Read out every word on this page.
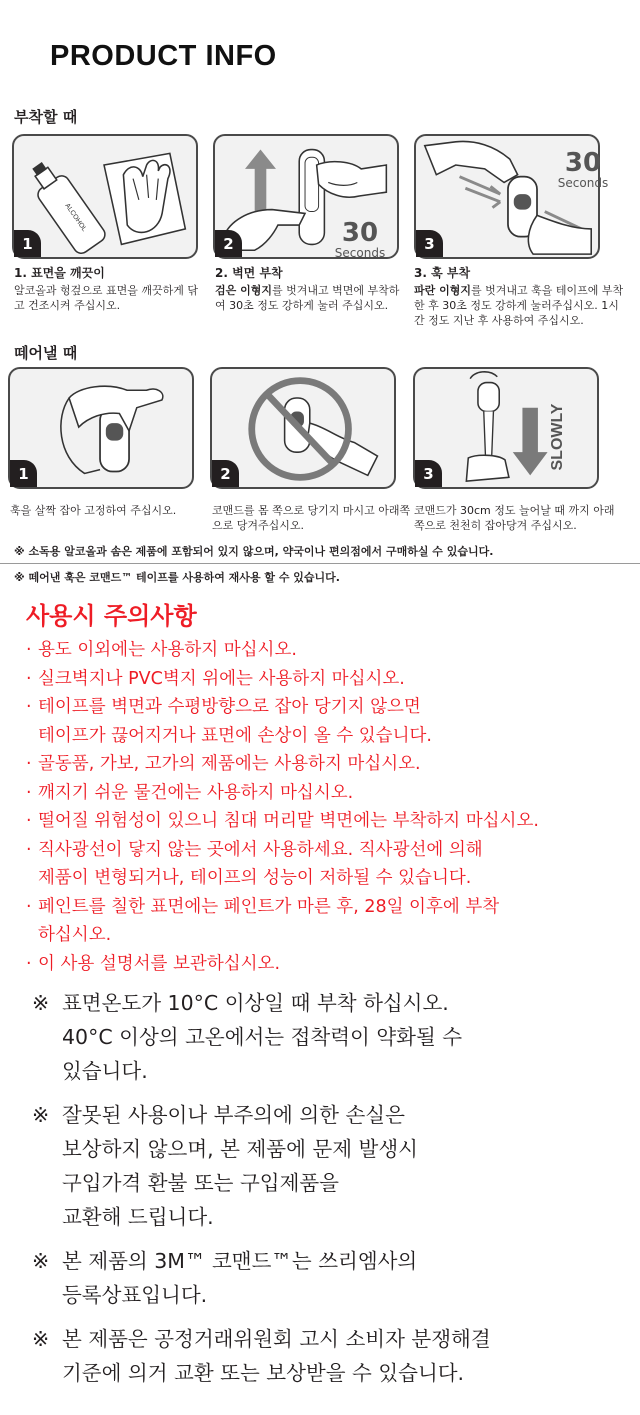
PRODUCT INFO
부착할 때
ALCOHOL
1
1. 표면을 깨끗이
알코올과 헝겊으로 표면을 깨끗하게 닦고 건조시켜 주십시오.
30
Seconds
2
2. 벽면 부착
검은 이형지를 벗겨내고 벽면에 부착하여 30초 정도 강하게 눌러 주십시오.
30
Seconds
3
3. 훅 부착
파란 이형지를 벗겨내고 훅을 테이프에 부착한 후 30초 정도 강하게 눌러주십시오. 1시간 정도 지난 후 사용하여 주십시오.
떼어낼 때
1
훅을 살짝 잡아 고정하여 주십시오.
2
코맨드를 몸 쪽으로 당기지 마시고 아래쪽으로 당겨주십시오.
SLOWLY
3
코맨드가 30cm 정도 늘어날 때 까지 아래쪽으로 천천히 잡아당겨 주십시오.
※ 소독용 알코올과 솜은 제품에 포함되어 있지 않으며, 약국이나 편의점에서 구매하실 수 있습니다.
※ 떼어낸 훅은 코맨드™ 테이프를 사용하여 재사용 할 수 있습니다.
사용시 주의사항
· 용도 이외에는 사용하지 마십시오.
· 실크벽지나 PVC벽지 위에는 사용하지 마십시오.
· 테이프를 벽면과 수평방향으로 잡아 당기지 않으면
테이프가 끊어지거나 표면에 손상이 올 수 있습니다.
· 골동품, 가보, 고가의 제품에는 사용하지 마십시오.
· 깨지기 쉬운 물건에는 사용하지 마십시오.
· 떨어질 위험성이 있으니 침대 머리맡 벽면에는 부착하지 마십시오.
· 직사광선이 닿지 않는 곳에서 사용하세요. 직사광선에 의해
제품이 변형되거나, 테이프의 성능이 저하될 수 있습니다.
· 페인트를 칠한 표면에는 페인트가 마른 후, 28일 이후에 부착
하십시오.
· 이 사용 설명서를 보관하십시오.
※ 표면온도가 10°C 이상일 때 부착 하십시오.
40°C 이상의 고온에서는 접착력이 약화될 수
있습니다.
※ 잘못된 사용이나 부주의에 의한 손실은
보상하지 않으며, 본 제품에 문제 발생시
구입가격 환불 또는 구입제품을
교환해 드립니다.
※ 본 제품의 3M™ 코맨드™는 쓰리엠사의
등록상표입니다.
※ 본 제품은 공정거래위원회 고시 소비자 분쟁해결
기준에 의거 교환 또는 보상받을 수 있습니다.
